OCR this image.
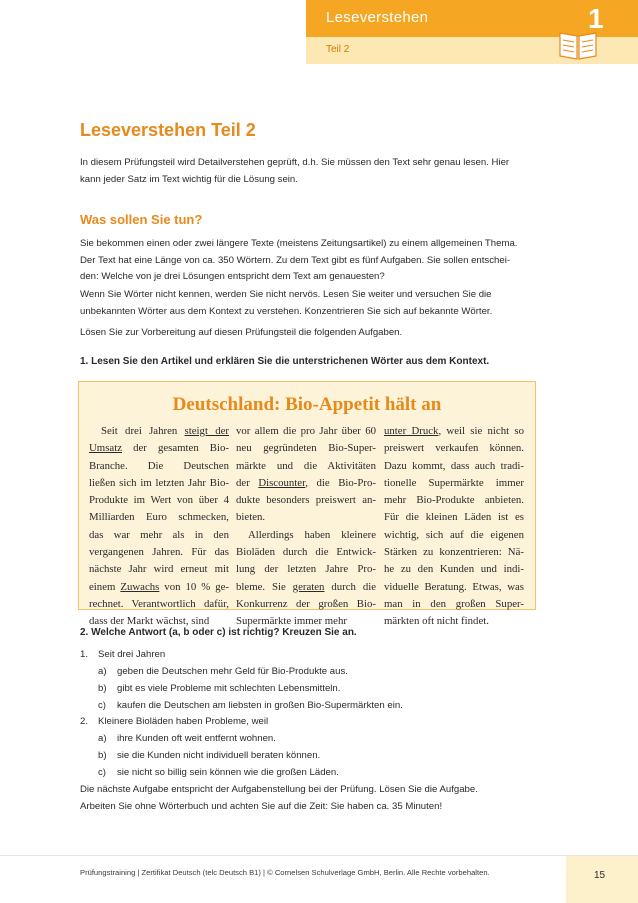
Leseverstehen
Teil 2
1
Leseverstehen Teil 2
In diesem Prüfungsteil wird Detailverstehen geprüft, d.h. Sie müssen den Text sehr genau lesen. Hier
kann jeder Satz im Text wichtig für die Lösung sein.
Was sollen Sie tun?
Sie bekommen einen oder zwei längere Texte (meistens Zeitungsartikel) zu einem allgemeinen Thema.
Der Text hat eine Länge von ca. 350 Wörtern. Zu dem Text gibt es fünf Aufgaben. Sie sollen entschei-
den: Welche von je drei Lösungen entspricht dem Text am genauesten?
Wenn Sie Wörter nicht kennen, werden Sie nicht nervös. Lesen Sie weiter und versuchen Sie die
unbekannten Wörter aus dem Kontext zu verstehen. Konzentrieren Sie sich auf bekannte Wörter.
Lösen Sie zur Vorbereitung auf diesen Prüfungsteil die folgenden Aufgaben.
1. Lesen Sie den Artikel und erklären Sie die unterstrichenen Wörter aus dem Kontext.
Deutschland: Bio-Appetit hält an
Seit drei Jahren steigt der
Umsatz der gesamten Bio-
Branche. Die Deutschen
ließen sich im letzten Jahr Bio-
Produkte im Wert von über 4
Milliarden Euro schmecken,
das war mehr als in den
vergangenen Jahren. Für das
nächste Jahr wird erneut mit
einem Zuwachs von 10 % ge-
rechnet. Verantwortlich dafür,
dass der Markt wächst, sind
vor allem die pro Jahr über 60
neu gegründeten Bio-Super-
märkte und die Aktivitäten
der Discounter, die Bio-Pro-
dukte besonders preiswert an-
bieten.
Allerdings haben kleinere
Bioläden durch die Entwick-
lung der letzten Jahre Pro-
bleme. Sie geraten durch die
Konkurrenz der großen Bio-
Supermärkte immer mehr
unter Druck, weil sie nicht so
preiswert verkaufen können.
Dazu kommt, dass auch tradi-
tionelle Supermärkte immer
mehr Bio-Produkte anbieten.
Für die kleinen Läden ist es
wichtig, sich auf die eigenen
Stärken zu konzentrieren: Nä-
he zu den Kunden und indi-
viduelle Beratung. Etwas, was
man in den großen Super-
märkten oft nicht findet.
2. Welche Antwort (a, b oder c) ist richtig? Kreuzen Sie an.
1. Seit drei Jahren
a) geben die Deutschen mehr Geld für Bio-Produkte aus.
b) gibt es viele Probleme mit schlechten Lebensmitteln.
c) kaufen die Deutschen am liebsten in großen Bio-Supermärkten ein.
2. Kleinere Bioläden haben Probleme, weil
a) ihre Kunden oft weit entfernt wohnen.
b) sie die Kunden nicht individuell beraten können.
c) sie nicht so billig sein können wie die großen Läden.
Die nächste Aufgabe entspricht der Aufgabenstellung bei der Prüfung. Lösen Sie die Aufgabe.
Arbeiten Sie ohne Wörterbuch und achten Sie auf die Zeit: Sie haben ca. 35 Minuten!
Prüfungstraining | Zertifikat Deutsch (telc Deutsch B1) | © Cornelsen Schulverlage GmbH, Berlin. Alle Rechte vorbehalten.	15
